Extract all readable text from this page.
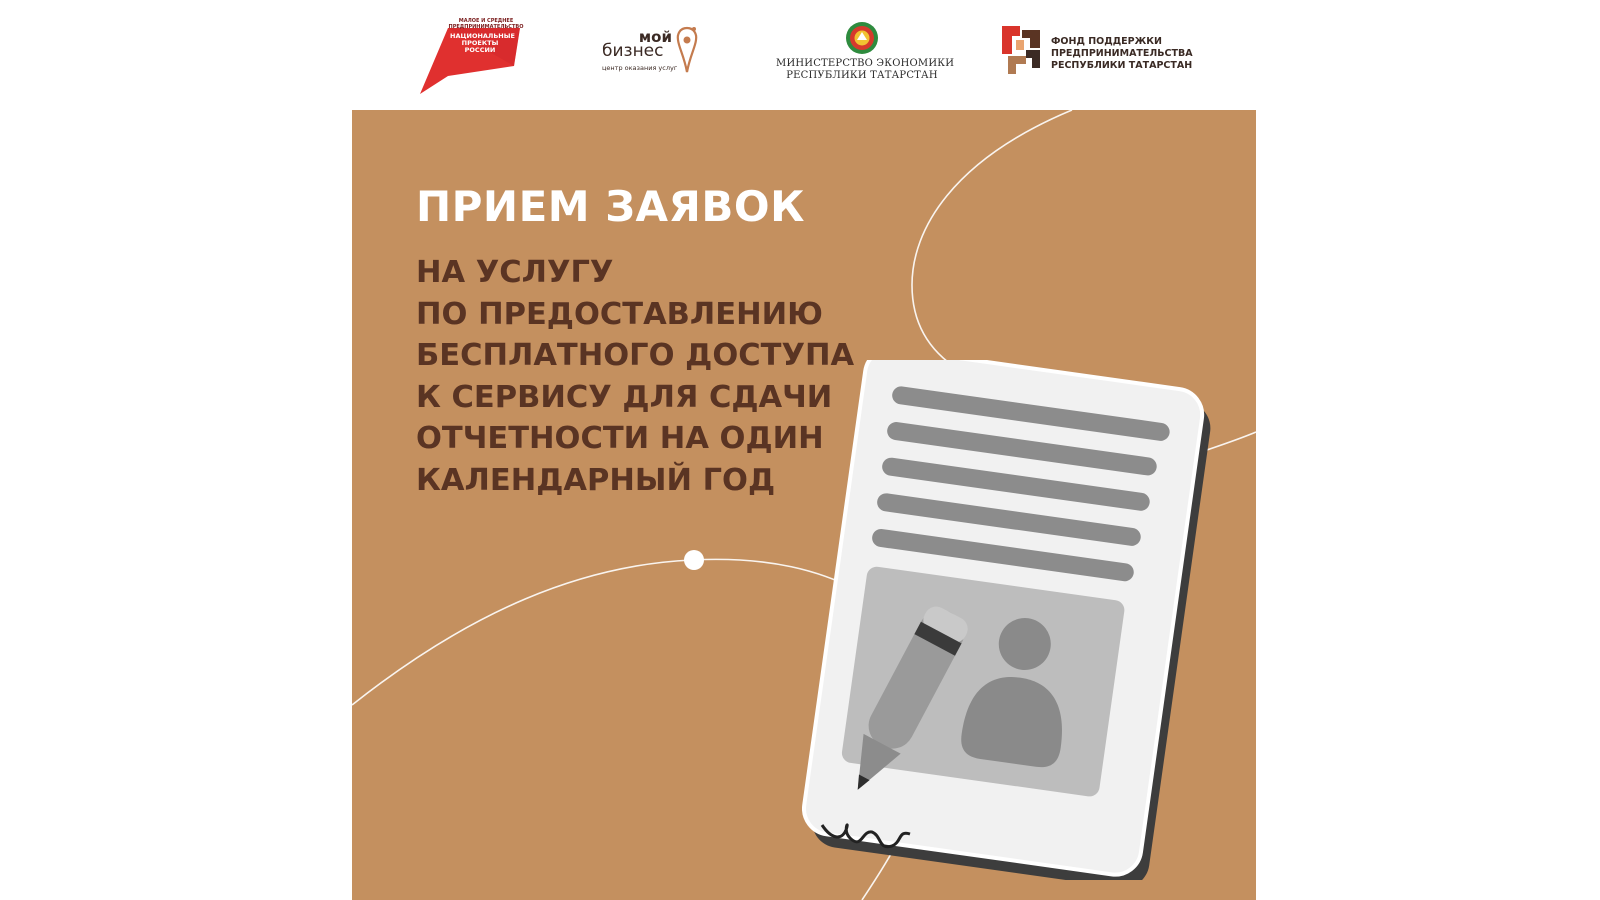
МАЛОЕ И СРЕДНЕЕ ПРЕДПРИНИМАТЕЛЬСТВО
НАЦИОНАЛЬНЫЕ
ПРОЕКТЫ
РОССИИ
мой
бизнес
центр оказания услуг	МИНИСТЕРСТВО ЭКОНОМИКИ
РЕСПУБЛИКИ ТАТАРСТАН
ФОНД ПОДДЕРЖКИ
ПРЕДПРИНИМАТЕЛЬСТВА
РЕСПУБЛИКИ ТАТАРСТАН
ПРИЕМ ЗАЯВОК
НА УСЛУГУ
ПО ПРЕДОСТАВЛЕНИЮ
БЕСПЛАТНОГО ДОСТУПА
К СЕРВИСУ ДЛЯ СДАЧИ
ОТЧЕТНОСТИ НА ОДИН
КАЛЕНДАРНЫЙ ГОД
